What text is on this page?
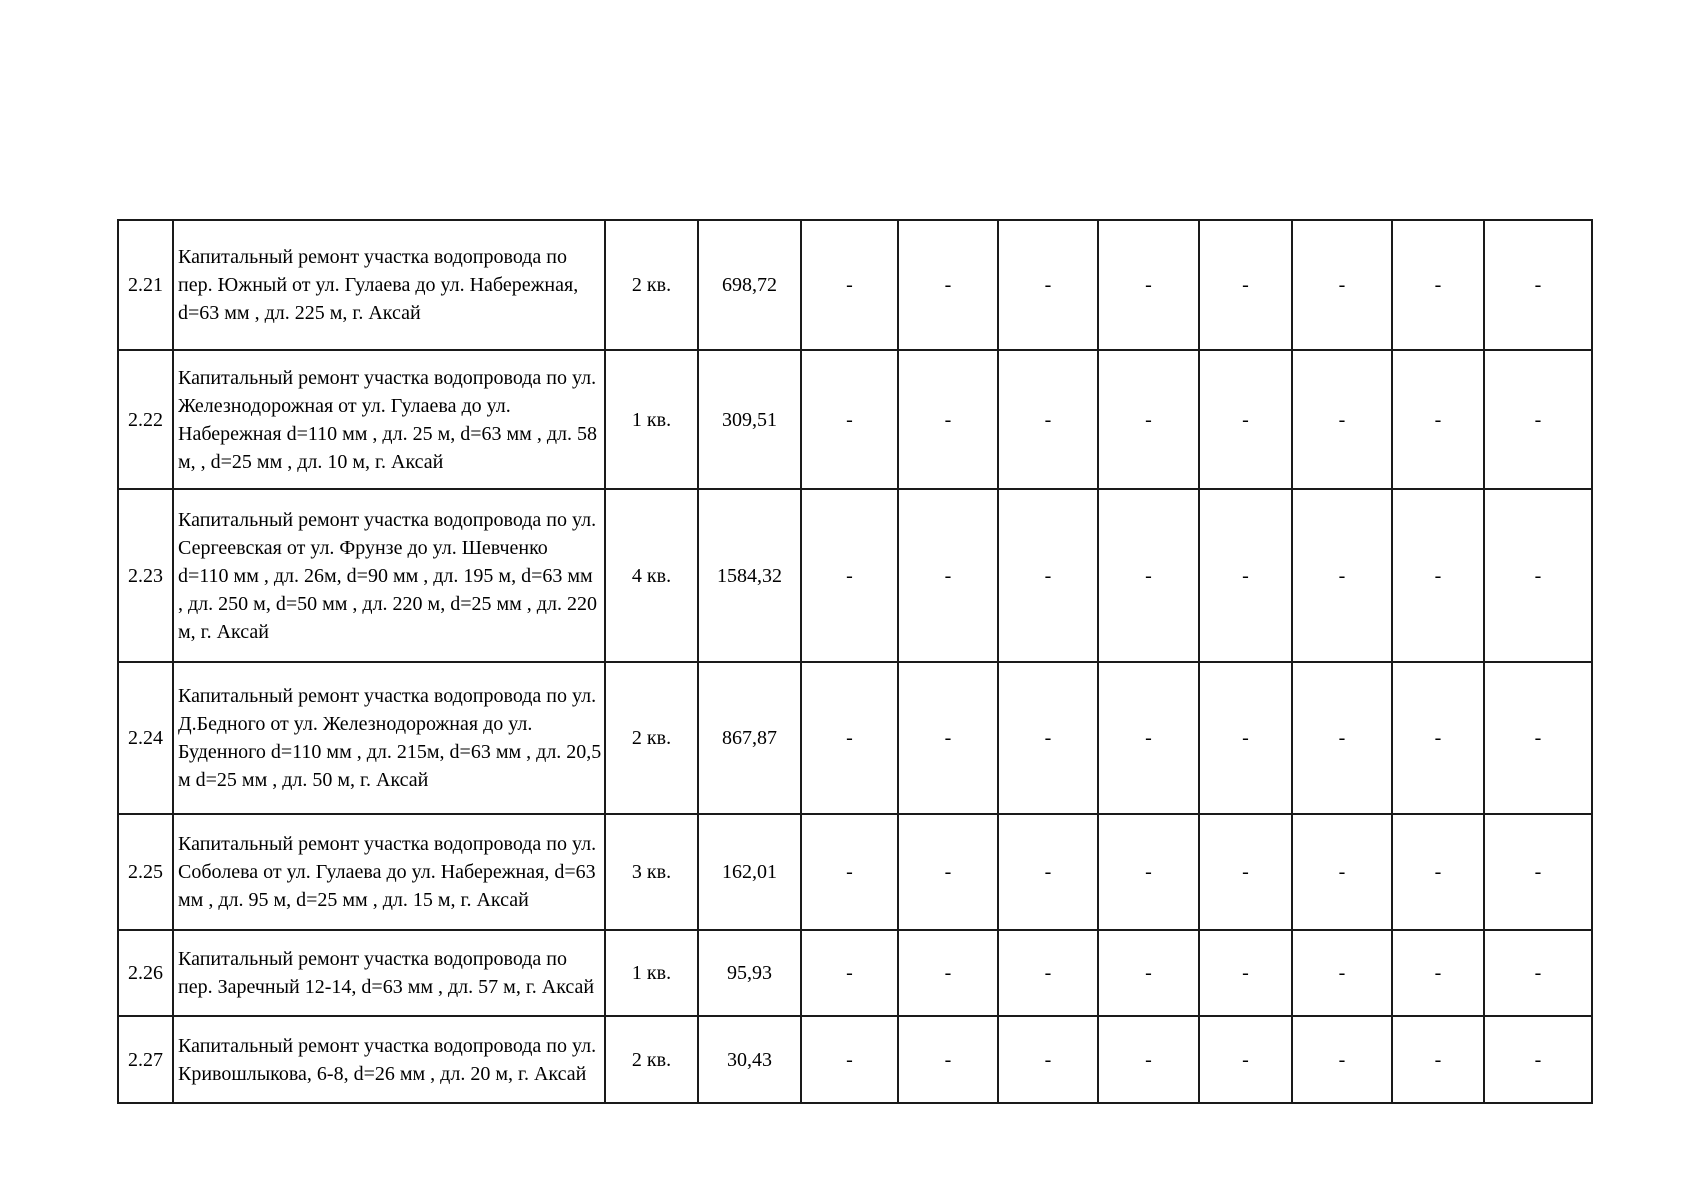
2.21	Капитальный ремонт участка водопровода по пер. Южный от ул. Гулаева до ул. Набережная, d=63 мм , дл. 225 м, г. Аксай	2 кв.	698,72	-	-	-	-	-	-	-	-
2.22	Капитальный ремонт участка водопровода по ул. Железнодорожная от ул. Гулаева до ул. Набережная d=110 мм , дл. 25 м, d=63 мм , дл. 58 м, , d=25 мм , дл. 10 м, г. Аксай	1 кв.	309,51	-	-	-	-	-	-	-	-
2.23	Капитальный ремонт участка водопровода по ул. Сергеевская от ул. Фрунзе до ул. Шевченко d=110 мм , дл. 26м, d=90 мм , дл. 195 м, d=63 мм , дл. 250 м, d=50 мм , дл. 220 м, d=25 мм , дл. 220 м, г. Аксай	4 кв.	1584,32	-	-	-	-	-	-	-	-
2.24	Капитальный ремонт участка водопровода по ул. Д.Бедного от ул. Железнодорожная до ул. Буденного d=110 мм , дл. 215м, d=63 мм , дл. 20,5 м d=25 мм , дл. 50 м, г. Аксай	2 кв.	867,87	-	-	-	-	-	-	-	-
2.25	Капитальный ремонт участка водопровода по ул. Соболева от ул. Гулаева до ул. Набережная, d=63 мм , дл. 95 м, d=25 мм , дл. 15 м, г. Аксай	3 кв.	162,01	-	-	-	-	-	-	-	-
2.26	Капитальный ремонт участка водопровода по пер. Заречный 12-14, d=63 мм , дл. 57 м, г. Аксай	1 кв.	95,93	-	-	-	-	-	-	-	-
2.27	Капитальный ремонт участка водопровода по ул. Кривошлыкова, 6-8, d=26 мм , дл. 20 м, г. Аксай	2 кв.	30,43	-	-	-	-	-	-	-	-
